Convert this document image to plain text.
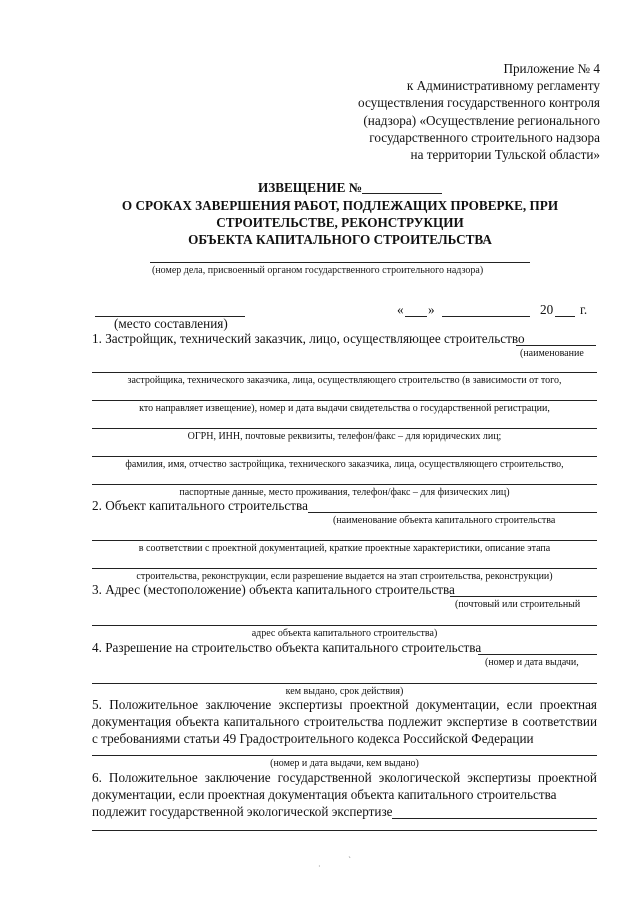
Приложение № 4
к Административному регламенту
осуществления государственного контроля
(надзора) «Осуществление регионального
государственного строительного надзора
на территории Тульской области»
ИЗВЕЩЕНИЕ №
О СРОКАХ ЗАВЕРШЕНИЯ РАБОТ, ПОДЛЕЖАЩИХ ПРОВЕРКЕ, ПРИ
СТРОИТЕЛЬСТВЕ, РЕКОНСТРУКЦИИ
ОБЪЕКТА КАПИТАЛЬНОГО СТРОИТЕЛЬСТВА
(номер дела, присвоенный органом государственного строительного надзора)
« »	20 г.
(место составления)
1. Застройщик, технический заказчик, лицо, осуществляющее строительство
(наименование
застройщика, технического заказчика, лица, осуществляющего строительство (в зависимости от того,
кто направляет извещение), номер и дата выдачи свидетельства о государственной регистрации,
ОГРН, ИНН, почтовые реквизиты, телефон/факс – для юридических лиц;
фамилия, имя, отчество застройщика, технического заказчика, лица, осуществляющего строительство,
паспортные данные, место проживания, телефон/факс – для физических лиц)
2. Объект капитального строительства
(наименование объекта капитального строительства
в соответствии с проектной документацией, краткие проектные характеристики, описание этапа
строительства, реконструкции, если разрешение выдается на этап строительства, реконструкции)
3. Адрес (местоположение) объекта капитального строительства
(почтовый или строительный
адрес объекта капитального строительства)
4. Разрешение на строительство объекта капитального строительства
(номер и дата выдачи,
кем выдано, срок действия)
5. Положительное заключение экспертизы проектной документации, если проектная документация объекта капитального строительства подлежит экспертизе в соответствии с требованиями статьи 49 Градостроительного кодекса Российской Федерации
(номер и дата выдачи, кем выдано)
6. Положительное заключение государственной экологической экспертизы проектной документации, если проектная документация объекта капитального строительства
подлежит государственной экологической экспертизе
·
՝
